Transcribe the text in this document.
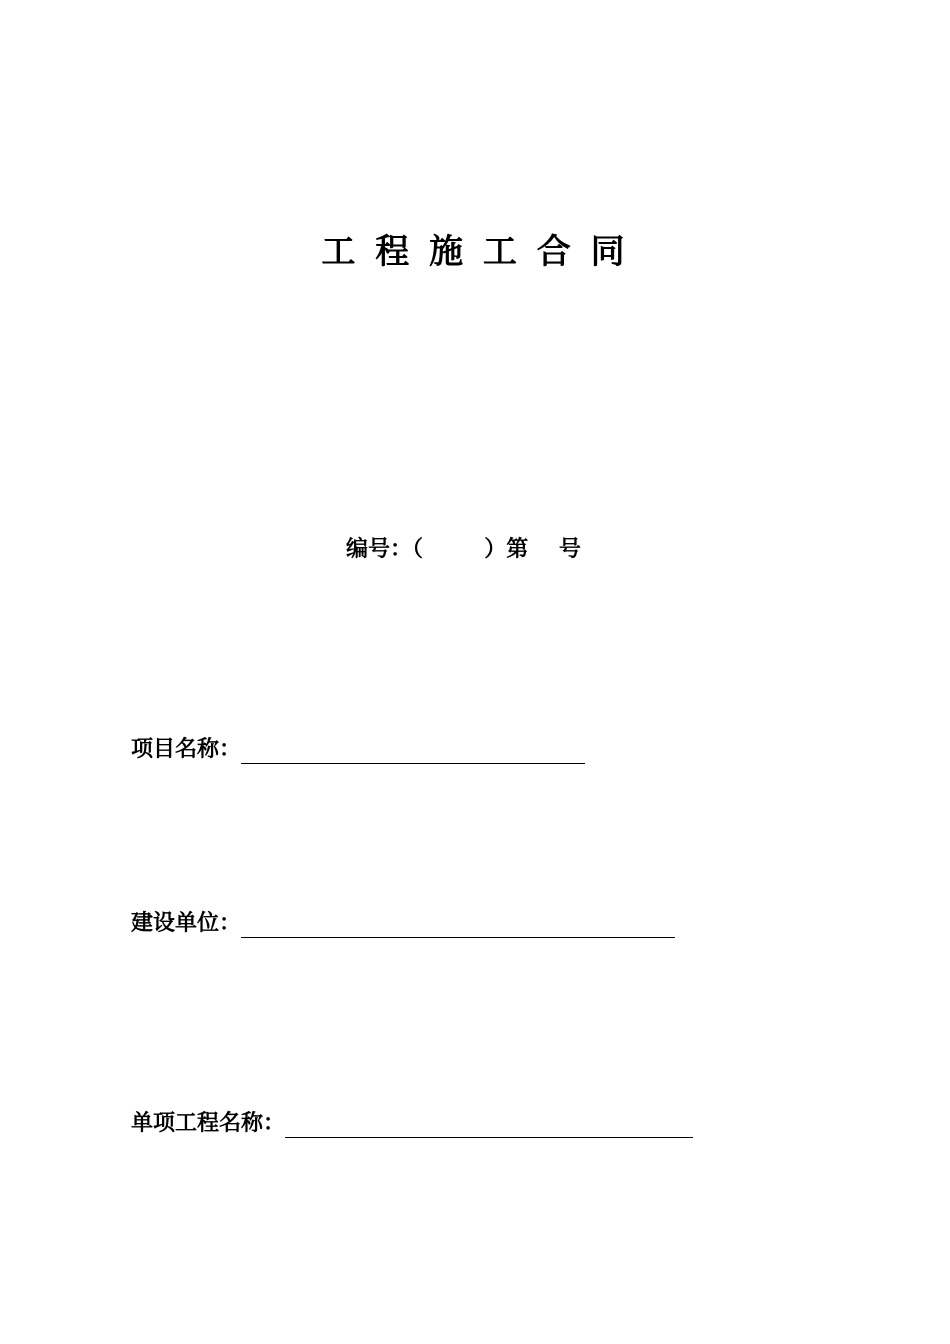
工 程 施 工 合 同
编号：（        ）第    号
项目名称：
建设单位：
单项工程名称：
